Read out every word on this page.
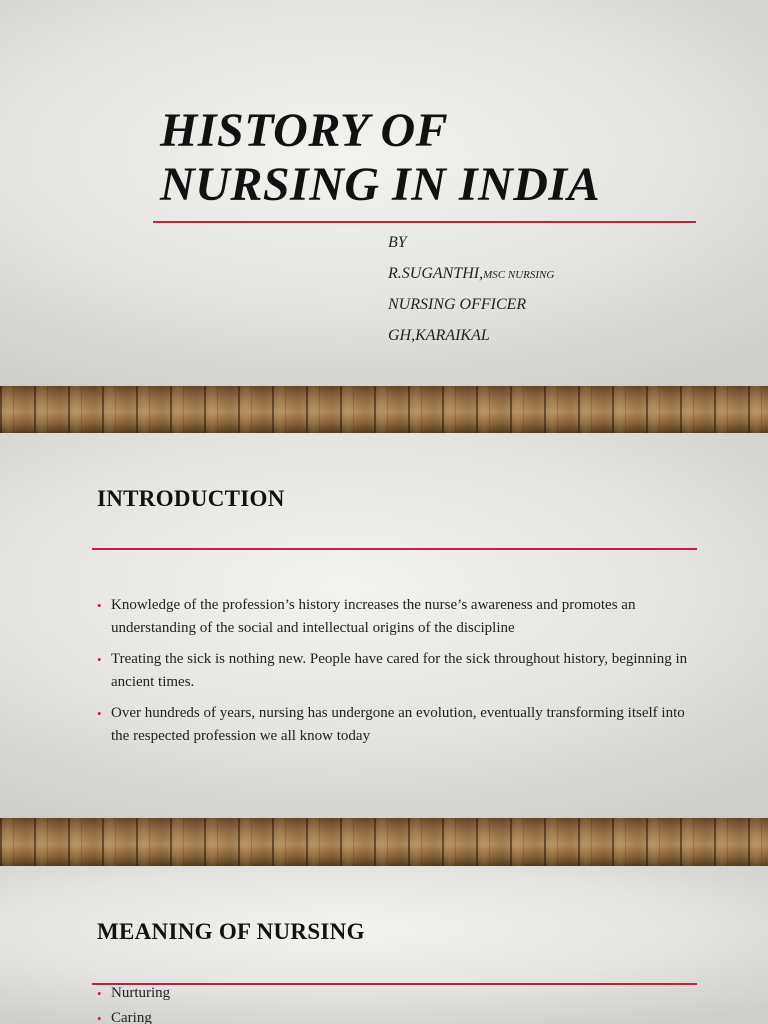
HISTORY OF
NURSING IN INDIA
BY
R.SUGANTHI,MSC NURSING
NURSING OFFICER
GH,KARAIKAL
INTRODUCTION
• Knowledge of the profession’s history increases the nurse’s awareness and promotes an understanding of the social and intellectual origins of the discipline
• Treating the sick is nothing new. People have cared for the sick throughout history, beginning in ancient times.
• Over hundreds of years, nursing has undergone an evolution, eventually transforming itself into the respected profession we all know today
MEANING OF NURSING
• Nurturing
• Caring
